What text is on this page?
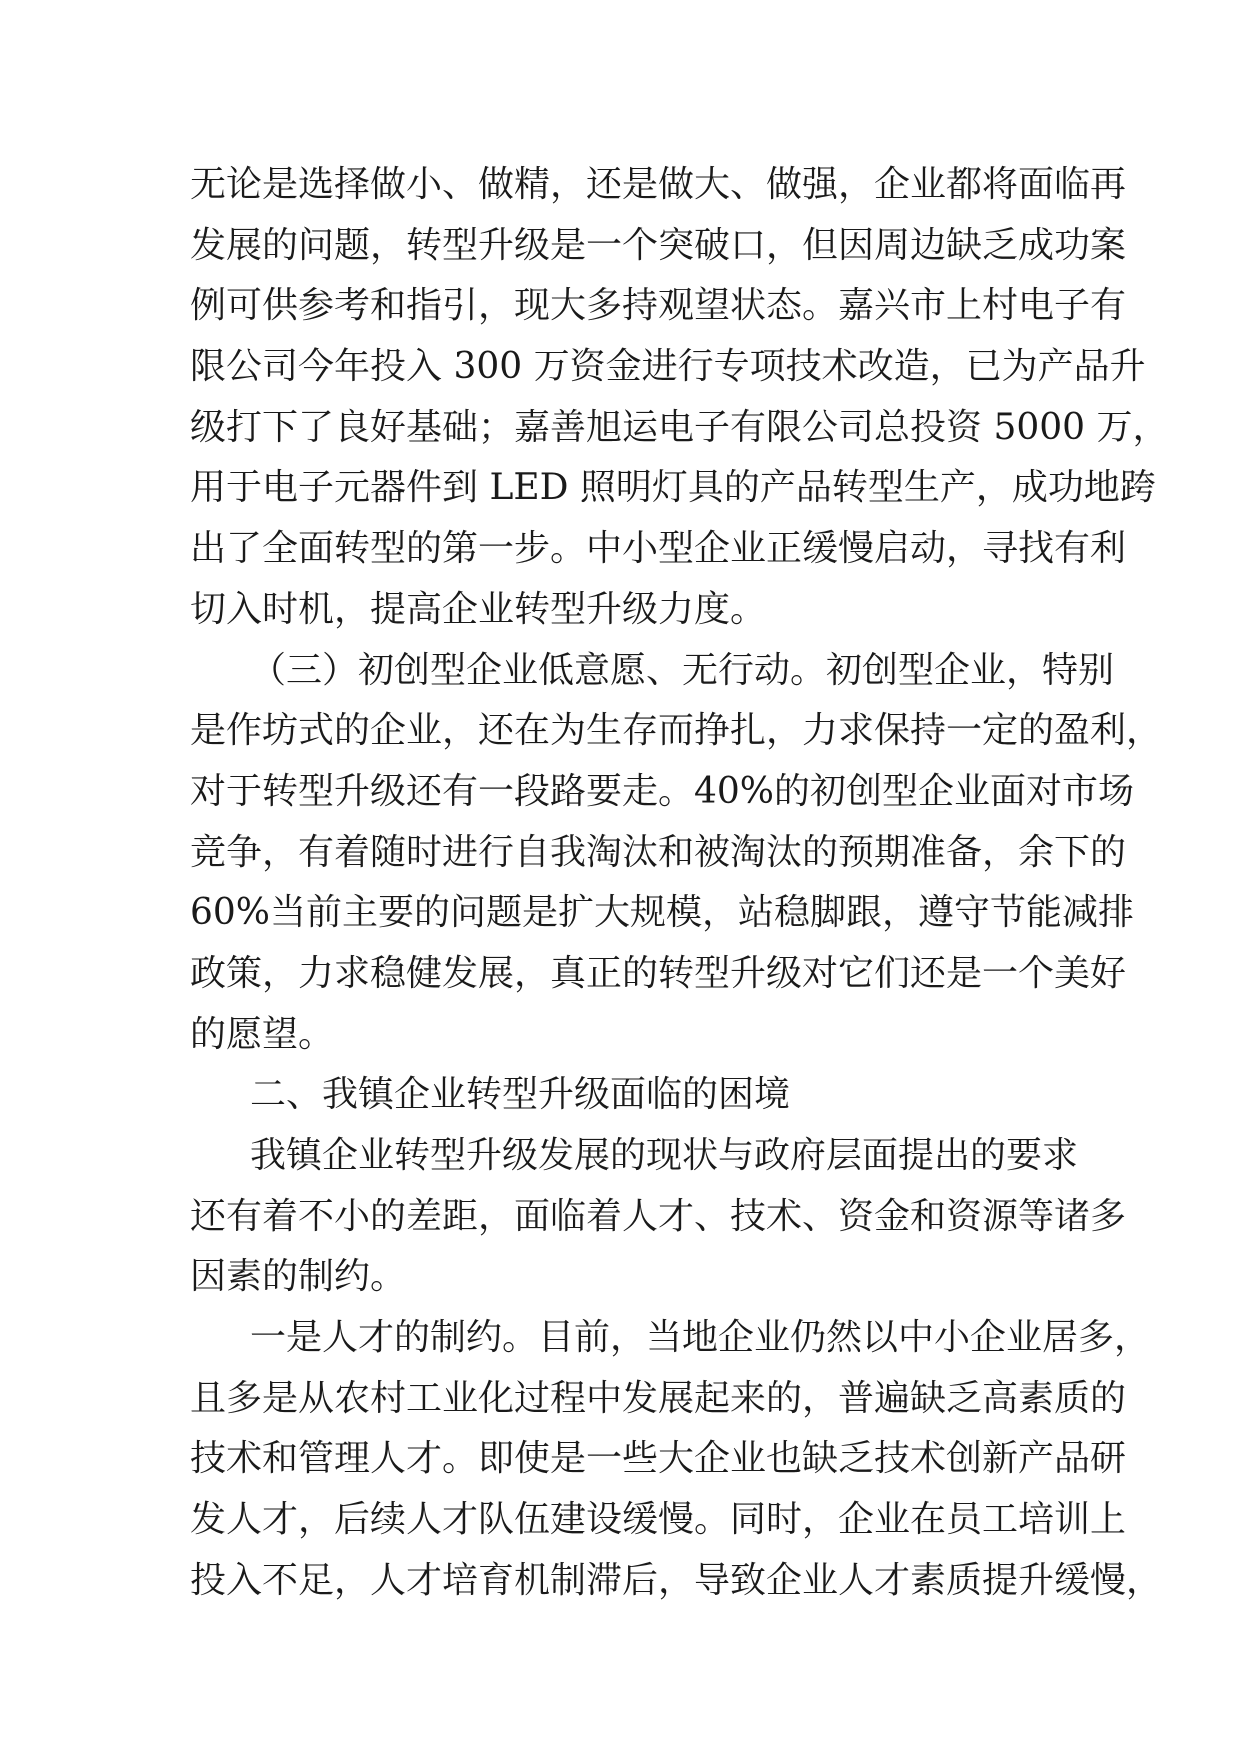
无论是选择做小、做精，还是做大、做强，企业都将面临再
发展的问题，转型升级是一个突破口，但因周边缺乏成功案
例可供参考和指引，现大多持观望状态。嘉兴市上村电子有
限公司今年投入 300 万资金进行专项技术改造，已为产品升
级打下了良好基础；嘉善旭运电子有限公司总投资 5000 万，
用于电子元器件到 LED 照明灯具的产品转型生产，成功地跨
出了全面转型的第一步。中小型企业正缓慢启动，寻找有利
切入时机，提高企业转型升级力度。
（三）初创型企业低意愿、无行动。初创型企业，特别
是作坊式的企业，还在为生存而挣扎，力求保持一定的盈利，
对于转型升级还有一段路要走。40%的初创型企业面对市场
竞争，有着随时进行自我淘汰和被淘汰的预期准备，余下的
60%当前主要的问题是扩大规模，站稳脚跟，遵守节能减排
政策，力求稳健发展，真正的转型升级对它们还是一个美好
的愿望。
二、我镇企业转型升级面临的困境
我镇企业转型升级发展的现状与政府层面提出的要求
还有着不小的差距，面临着人才、技术、资金和资源等诸多
因素的制约。
一是人才的制约。目前，当地企业仍然以中小企业居多，
且多是从农村工业化过程中发展起来的，普遍缺乏高素质的
技术和管理人才。即使是一些大企业也缺乏技术创新产品研
发人才，后续人才队伍建设缓慢。同时，企业在员工培训上
投入不足，人才培育机制滞后，导致企业人才素质提升缓慢，
